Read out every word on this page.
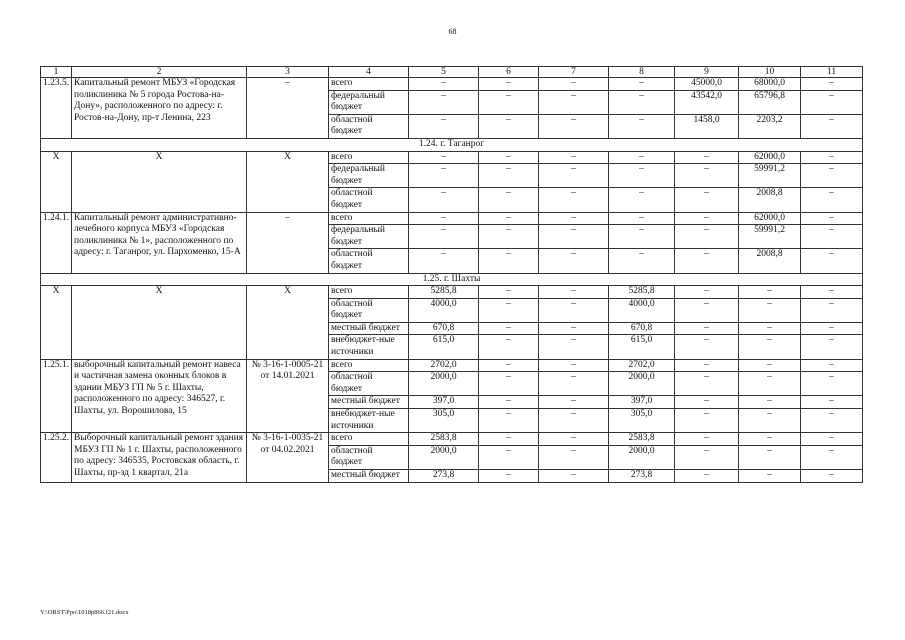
68
1	2	3	4	5	6	7	8	9	10	11
1.23.5.	Капитальный ремонт МБУЗ «Городская поликлиника № 5 города Ростова-на-Дону», расположенного по адресу: г. Ростов-на-Дону, пр-т Ленина, 223	–	всего	–	–	–	–	45000,0	68000,0	–
			федеральный бюджет	–	–	–	–	43542,0	65796,8	–
			областной бюджет	–	–	–	–	1458,0	2203,2	–
1.24. г. Таганрог										
Х	Х	Х	всего	–	–	–	–	–	62000,0	–
			федеральный бюджет	–	–	–	–	–	59991,2	–
			областной бюджет	–	–	–	–	–	2008,8	–
1.24.1.	Капитальный ремонт административно-лечебного корпуса МБУЗ «Городская поликлиника № 1», расположенного по адресу: г. Таганрог, ул. Пархоменко, 15-А	–	всего	–	–	–	–	–	62000,0	–
			федеральный бюджет	–	–	–	–	–	59991,2	–
			областной бюджет	–	–	–	–	–	2008,8	–
1.25. г. Шахты										
Х	Х	Х	всего	5285,8	–	–	5285,8	–	–	–
			областной бюджет	4000,0	–	–	4000,0	–	–	–
			местный бюджет	670,8	–	–	670,8	–	–	–
			внебюджет-ные источники	615,0	–	–	615,0	–	–	–
1.25.1.	выборочный капитальный ремонт навеса и частичная замена оконных блоков в здании МБУЗ ГП № 5 г. Шахты, расположенного по адресу: 346527, г. Шахты, ул. Ворошилова, 15	№ 3-16-1-0005-21 от 14.01.2021	всего	2702,0	–	–	2702,0	–	–	–
			областной бюджет	2000,0	–	–	2000,0	–	–	–
			местный бюджет	397,0	–	–	397,0	–	–	–
			внебюджет-ные источники	305,0	–	–	305,0	–	–	–
1.25.2.	Выборочный капитальный ремонт здания МБУЗ ГП № 1 г. Шахты, расположенного по адресу: 346535, Ростовская область, г. Шахты, пр-зд 1 квартал, 21а	№ 3-16-1-0035-21 от 04.02.2021	всего	2583,8	–	–	2583,8	–	–	–
			областной бюджет	2000,0	–	–	2000,0	–	–	–
			местный бюджет	273,8	–	–	273,8	–	–	–
Y:\ORST\Ppo\1018p866.f21.docx
